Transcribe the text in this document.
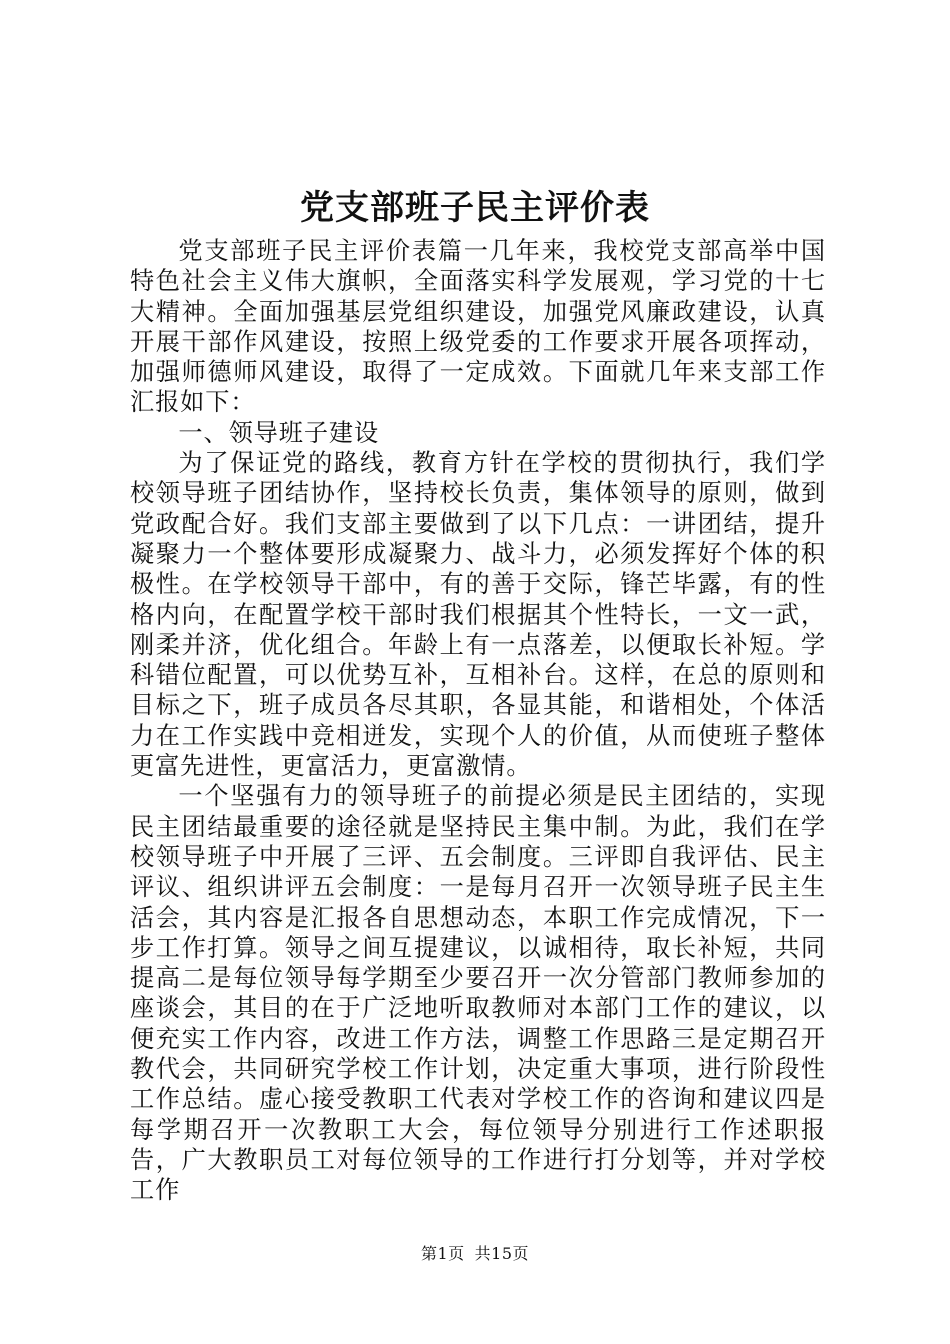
党支部班子民主评价表

党支部班子民主评价表篇一几年来，我校党支部高举中国特色社会主义伟大旗帜，全面落实科学发展观，学习党的十七大精神。全面加强基层党组织建设，加强党风廉政建设，认真开展干部作风建设，按照上级党委的工作要求开展各项挥动，加强师德师风建设，取得了一定成效。下面就几年来支部工作汇报如下：

一、领导班子建设

为了保证党的路线，教育方针在学校的贯彻执行，我们学校领导班子团结协作，坚持校长负责，集体领导的原则，做到党政配合好。我们支部主要做到了以下几点：一讲团结，提升凝聚力一个整体要形成凝聚力、战斗力，必须发挥好个体的积极性。在学校领导干部中，有的善于交际，锋芒毕露，有的性格内向，在配置学校干部时我们根据其个性特长，一文一武，刚柔并济，优化组合。年龄上有一点落差，以便取长补短。学科错位配置，可以优势互补，互相补台。这样，在总的原则和目标之下，班子成员各尽其职，各显其能，和谐相处，个体活力在工作实践中竞相迸发，实现个人的价值，从而使班子整体更富先进性，更富活力，更富激情。

一个坚强有力的领导班子的前提必须是民主团结的，实现民主团结最重要的途径就是坚持民主集中制。为此，我们在学校领导班子中开展了三评、五会制度。三评即自我评估、民主评议、组织讲评五会制度：一是每月召开一次领导班子民主生活会，其内容是汇报各自思想动态，本职工作完成情况，下一步工作打算。领导之间互提建议，以诚相待，取长补短，共同提高二是每位领导每学期至少要召开一次分管部门教师参加的座谈会，其目的在于广泛地听取教师对本部门工作的建议，以便充实工作内容，改进工作方法，调整工作思路三是定期召开教代会，共同研究学校工作计划，决定重大事项，进行阶段性工作总结。虚心接受教职工代表对学校工作的咨询和建议四是每学期召开一次教职工大会，每位领导分别进行工作述职报告，广大教职员工对每位领导的工作进行打分划等，并对学校工作

第1页 共15页
